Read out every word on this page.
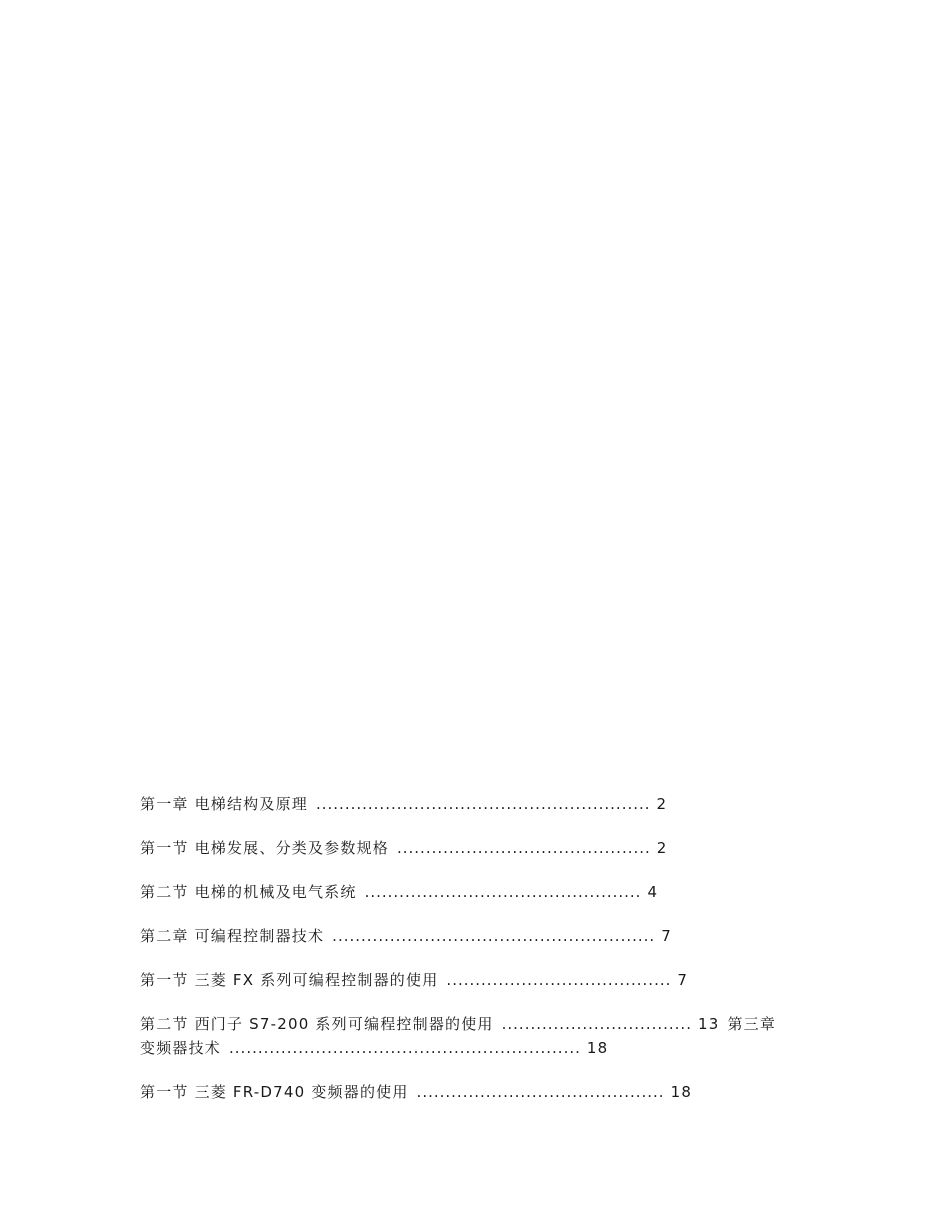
第一章 电梯结构及原理 .......................................................... 2

第一节 电梯发展、分类及参数规格 ............................................ 2

第二节 电梯的机械及电气系统 ................................................ 4

第二章 可编程控制器技术 ........................................................ 7

第一节 三菱 FX 系列可编程控制器的使用 ....................................... 7

第二节 西门子 S7-200 系列可编程控制器的使用 ................................. 13 第三章

变频器技术 ............................................................. 18

第一节 三菱 FR-D740 变频器的使用 ........................................... 18
